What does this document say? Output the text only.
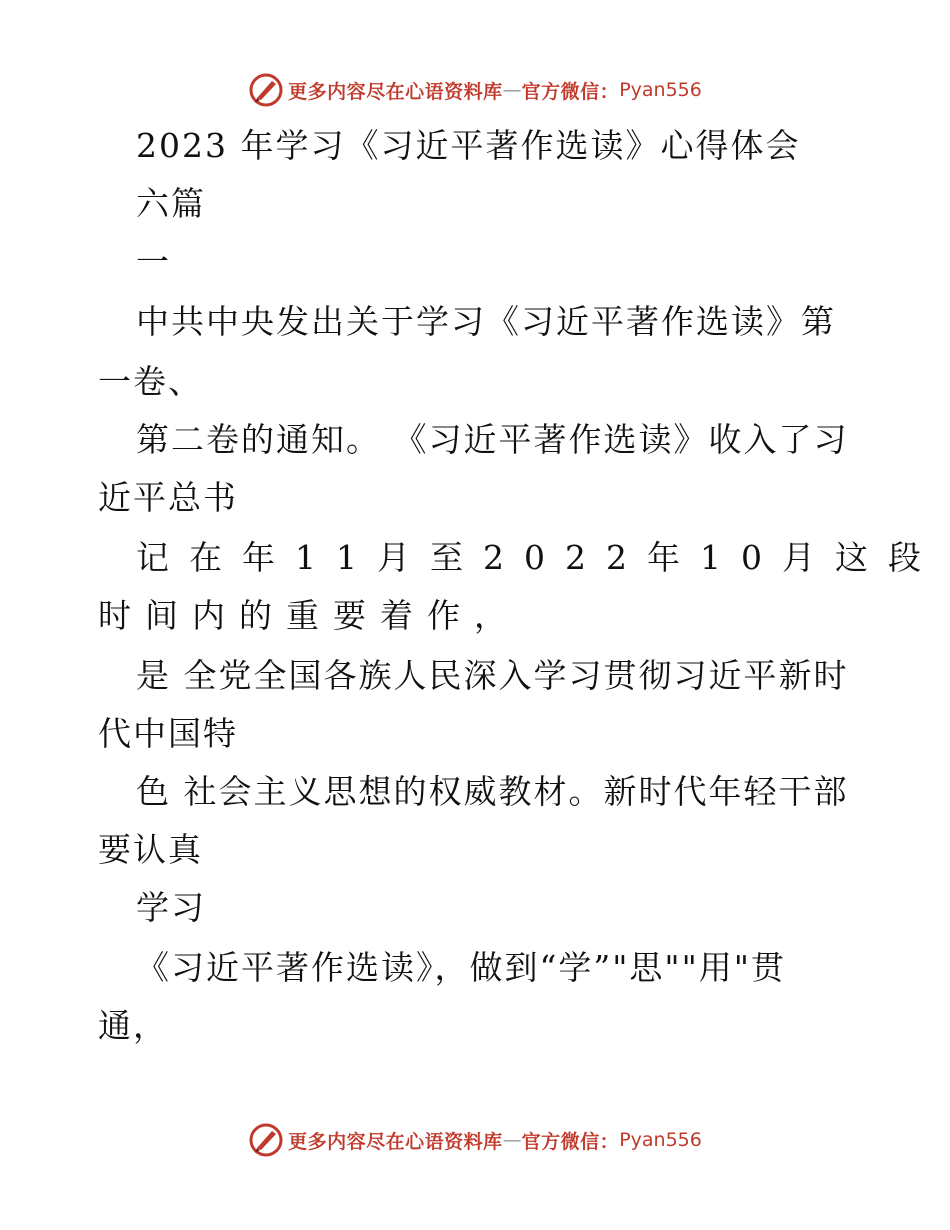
更多内容尽在心语资料库 — 官方微信： Pyan556
2023 年学习《习近平著作选读》心得体会
六篇
一
中共中央发出关于学习《习近平著作选读》第
一卷、
第二卷的通知。 《习近平著作选读》收入了习
近平总书
记在年11月至2022年10月这段
时间内的重要着作，
是 全党全国各族人民深入学习贯彻习近平新时
代中国特
色 社会主义思想的权威教材。新时代年轻干部
要认真
学习
《习近平著作选读》，做到“学”"思""用"贯
通，
更多内容尽在心语资料库 — 官方微信： Pyan556
